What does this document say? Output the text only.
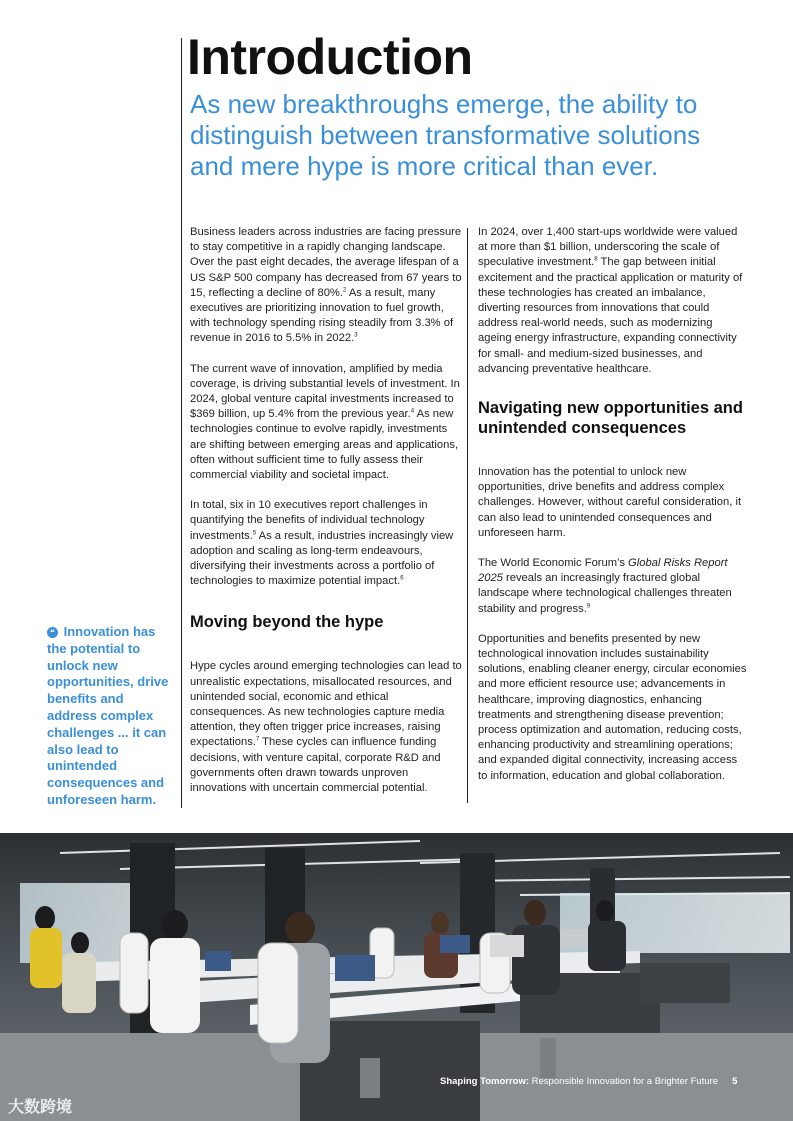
Introduction

As new breakthroughs emerge, the ability to distinguish between transformative solutions and mere hype is more critical than ever.

Business leaders across industries are facing pressure to stay competitive in a rapidly changing landscape. Over the past eight decades, the average lifespan of a US S&P 500 company has decreased from 67 years to 15, reflecting a decline of 80%.$^2$ As a result, many executives are prioritizing innovation to fuel growth, with technology spending rising steadily from 3.3% of revenue in 2016 to 5.5% in 2022.$^3$

The current wave of innovation, amplified by media coverage, is driving substantial levels of investment. In 2024, global venture capital investments increased to $369 billion, up 5.4% from the previous year.$^4$ As new technologies continue to evolve rapidly, investments are shifting between emerging areas and applications, often without sufficient time to fully assess their commercial viability and societal impact.

In total, six in 10 executives report challenges in quantifying the benefits of individual technology investments.$^5$ As a result, industries increasingly view adoption and scaling as long-term endeavours, diversifying their investments across a portfolio of technologies to maximize potential impact.$^6$

Moving beyond the hype

Hype cycles around emerging technologies can lead to unrealistic expectations, misallocated resources, and unintended social, economic and ethical consequences. As new technologies capture media attention, they often trigger price increases, raising expectations.$^7$ These cycles can influence funding decisions, with venture capital, corporate R&D and governments often drawn towards unproven innovations with uncertain commercial potential.

In 2024, over 1,400 start-ups worldwide were valued at more than $1 billion, underscoring the scale of speculative investment.$^8$ The gap between initial excitement and the practical application or maturity of these technologies has created an imbalance, diverting resources from innovations that could address real-world needs, such as modernizing ageing energy infrastructure, expanding connectivity for small- and medium-sized businesses, and advancing preventative healthcare.

Navigating new opportunities and unintended consequences

Innovation has the potential to unlock new opportunities, drive benefits and address complex challenges. However, without careful consideration, it can also lead to unintended consequences and unforeseen harm.

The World Economic Forum’s Global Risks Report 2025 reveals an increasingly fractured global landscape where technological challenges threaten stability and progress.$^9$

Opportunities and benefits presented by new technological innovation includes sustainability solutions, enabling cleaner energy, circular economies and more efficient resource use; advancements in healthcare, improving diagnostics, enhancing treatments and strengthening disease prevention; process optimization and automation, reducing costs, enhancing productivity and streamlining operations; and expanded digital connectivity, increasing access to information, education and global collaboration.

❝ Innovation has the potential to unlock new opportunities, drive benefits and address complex challenges ... it can also lead to unintended consequences and unforeseen harm.
Shaping Tomorrow: Responsible Innovation for a Brighter Future 5
大数跨境
